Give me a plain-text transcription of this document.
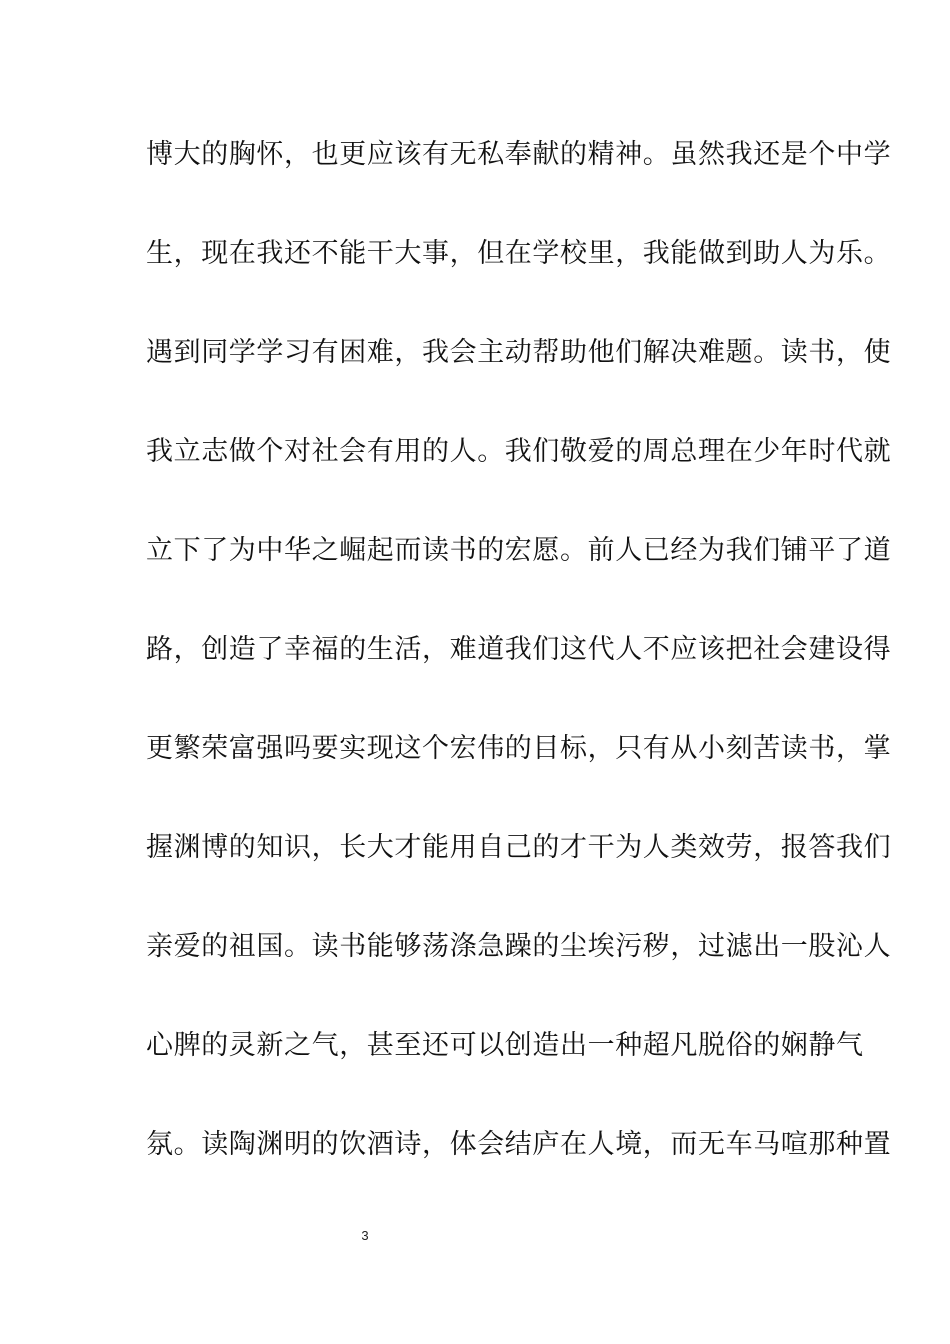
博大的胸怀，也更应该有无私奉献的精神。虽然我还是个中学
生，现在我还不能干大事，但在学校里，我能做到助人为乐。
遇到同学学习有困难，我会主动帮助他们解决难题。读书，使
我立志做个对社会有用的人。我们敬爱的周总理在少年时代就
立下了为中华之崛起而读书的宏愿。前人已经为我们铺平了道
路，创造了幸福的生活，难道我们这代人不应该把社会建设得
更繁荣富强吗要实现这个宏伟的目标，只有从小刻苦读书，掌
握渊博的知识，长大才能用自己的才干为人类效劳，报答我们
亲爱的祖国。读书能够荡涤急躁的尘埃污秽，过滤出一股沁人
心脾的灵新之气，甚至还可以创造出一种超凡脱俗的娴静气
氛。读陶渊明的饮酒诗，体会结庐在人境，而无车马喧那种置
3
